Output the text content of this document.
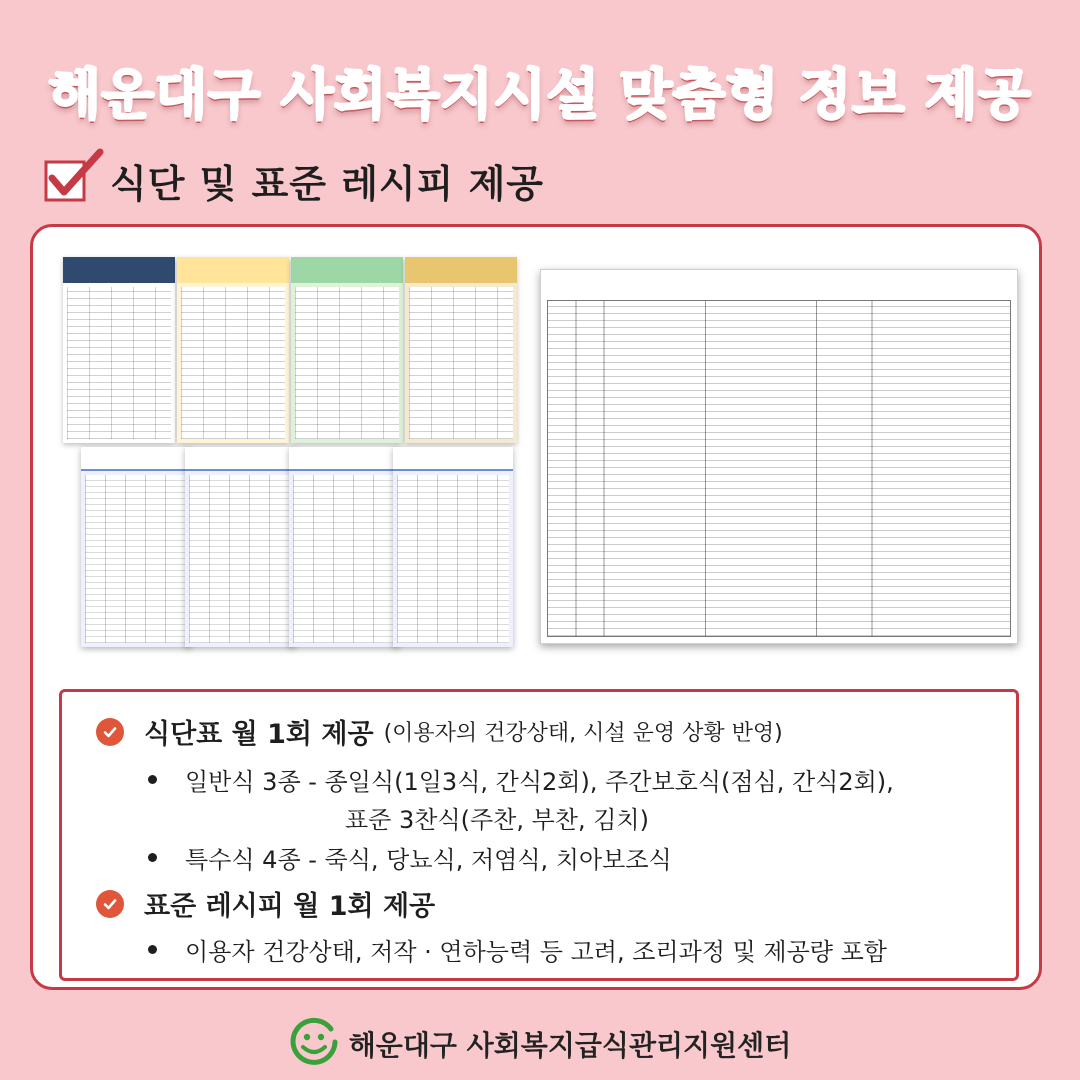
해운대구 사회복지시설 맞춤형 정보 제공
식단 및 표준 레시피 제공
식단표 월 1회 제공 (이용자의 건강상태, 시설 운영 상황 반영)
일반식 3종 - 종일식(1일3식, 간식2회), 주간보호식(점심, 간식2회),
표준 3찬식(주찬, 부찬, 김치)
특수식 4종 - 죽식, 당뇨식, 저염식, 치아보조식
표준 레시피 월 1회 제공
이용자 건강상태, 저작 · 연하능력 등 고려, 조리과정 및 제공량 포함
해운대구 사회복지급식관리지원센터
